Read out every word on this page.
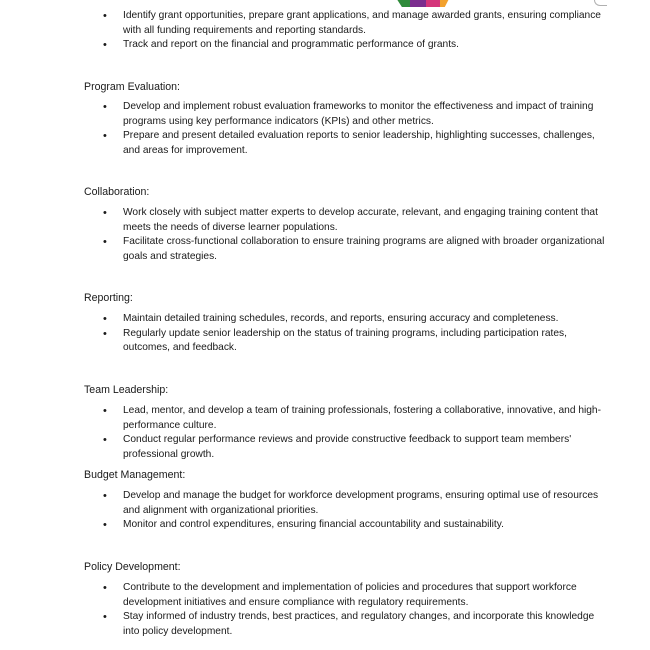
• Identify grant opportunities, prepare grant applications, and manage awarded grants, ensuring compliance with all funding requirements and reporting standards.
• Track and report on the financial and programmatic performance of grants.
Program Evaluation:
• Develop and implement robust evaluation frameworks to monitor the effectiveness and impact of training programs using key performance indicators (KPIs) and other metrics.
• Prepare and present detailed evaluation reports to senior leadership, highlighting successes, challenges, and areas for improvement.
Collaboration:
• Work closely with subject matter experts to develop accurate, relevant, and engaging training content that meets the needs of diverse learner populations.
• Facilitate cross-functional collaboration to ensure training programs are aligned with broader organizational goals and strategies.
Reporting:
• Maintain detailed training schedules, records, and reports, ensuring accuracy and completeness.
• Regularly update senior leadership on the status of training programs, including participation rates, outcomes, and feedback.
Team Leadership:
• Lead, mentor, and develop a team of training professionals, fostering a collaborative, innovative, and high-performance culture.
• Conduct regular performance reviews and provide constructive feedback to support team members' professional growth.
Budget Management:
• Develop and manage the budget for workforce development programs, ensuring optimal use of resources and alignment with organizational priorities.
• Monitor and control expenditures, ensuring financial accountability and sustainability.
Policy Development:
• Contribute to the development and implementation of policies and procedures that support workforce development initiatives and ensure compliance with regulatory requirements.
• Stay informed of industry trends, best practices, and regulatory changes, and incorporate this knowledge into policy development.
